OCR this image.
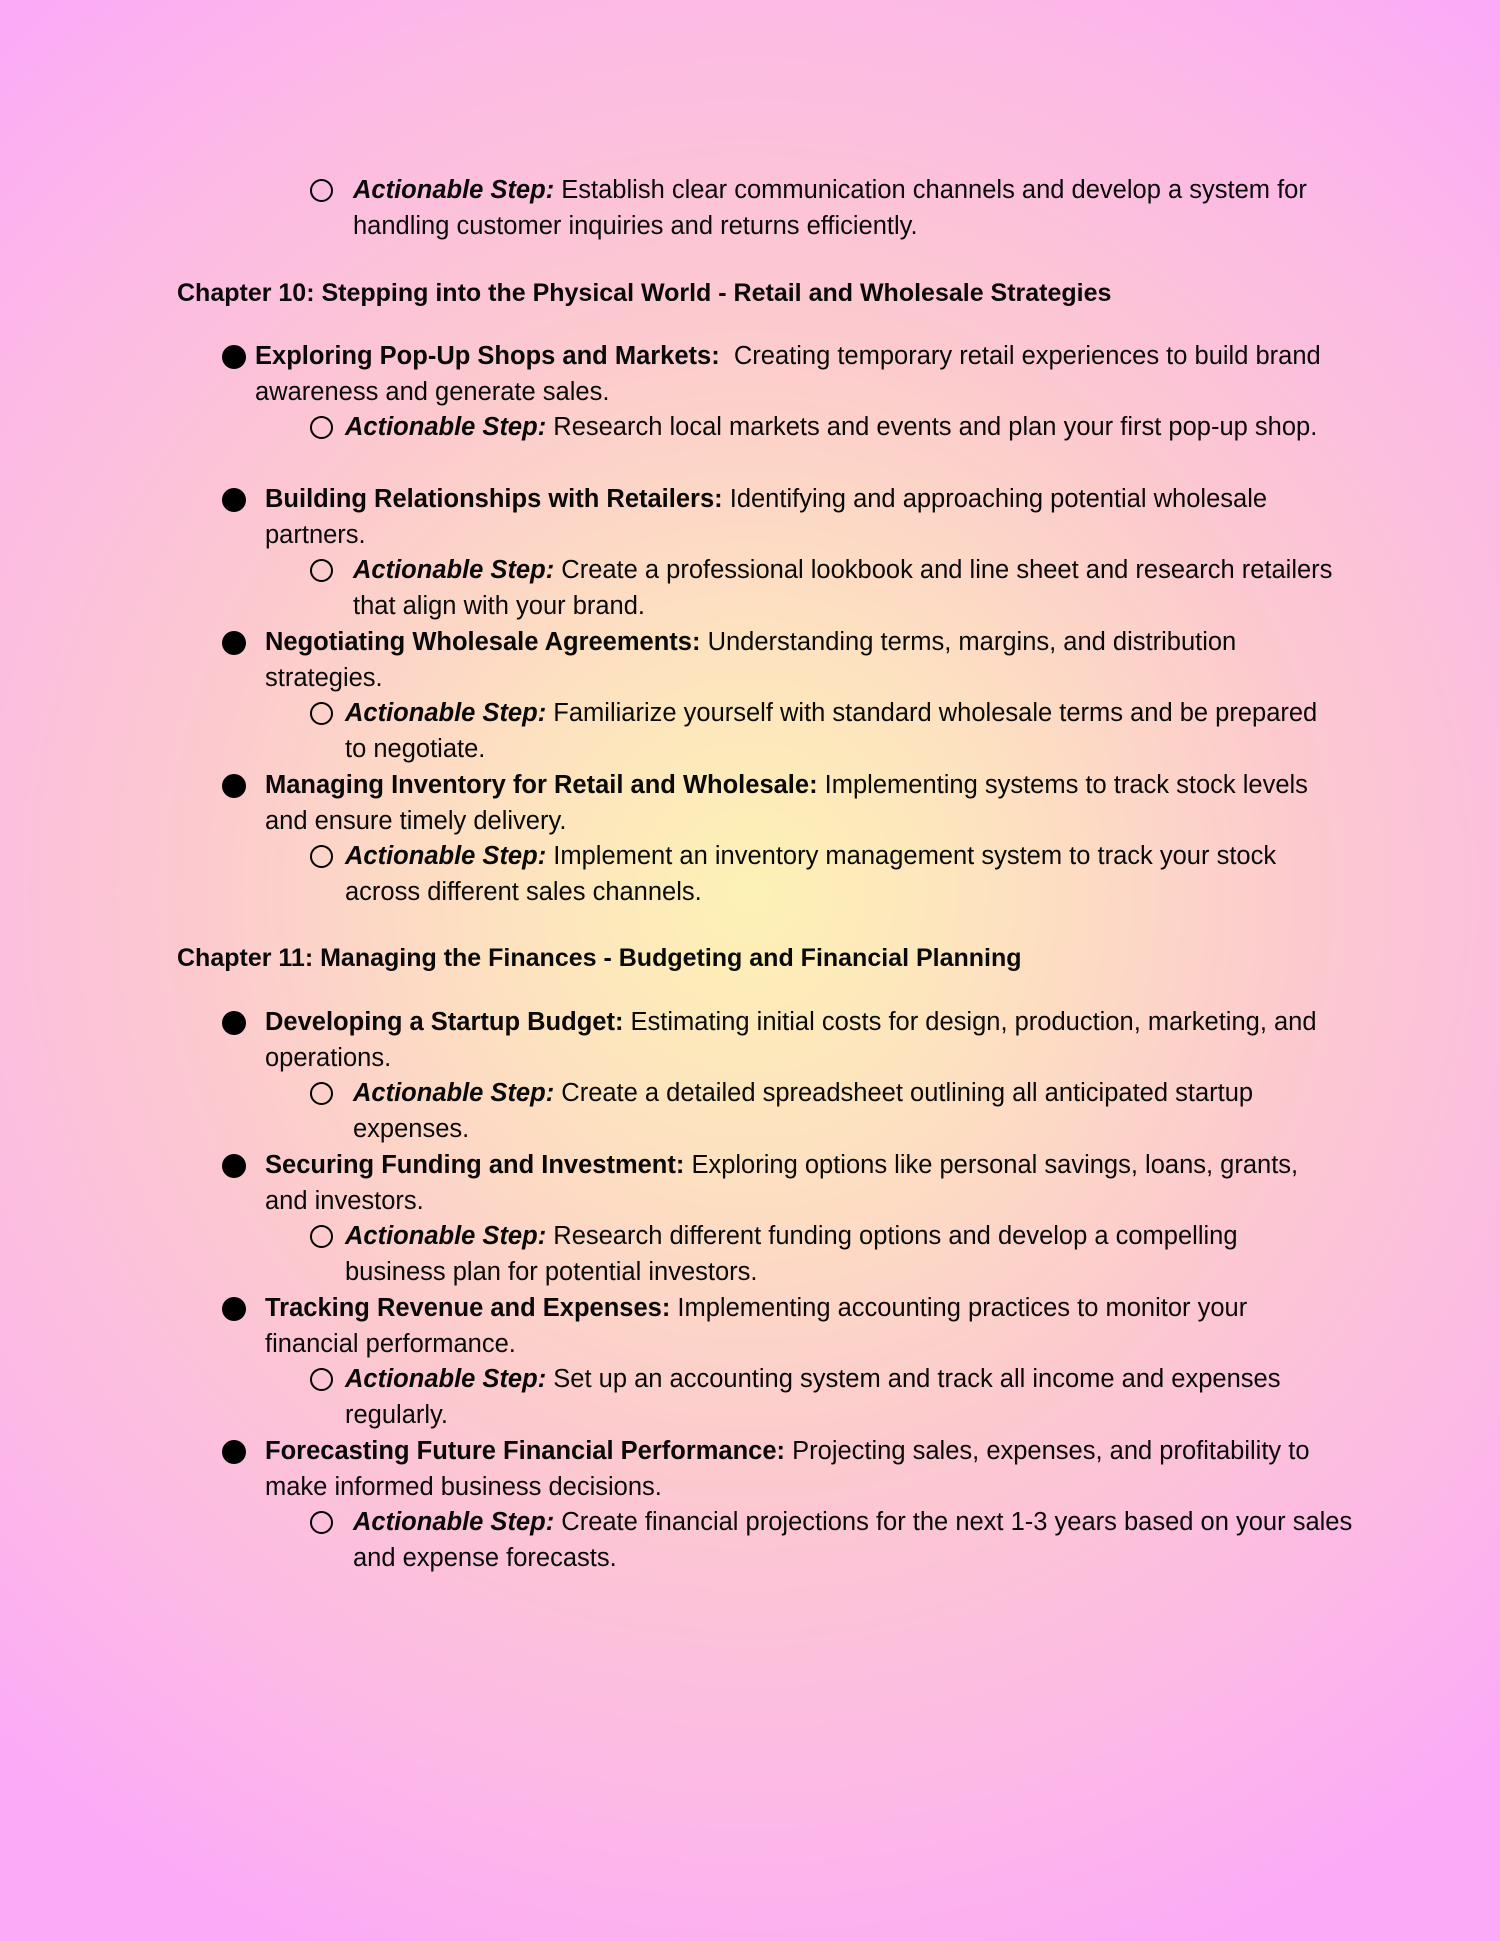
Actionable Step: Establish clear communication channels and develop a system for handling customer inquiries and returns efficiently.
Chapter 10: Stepping into the Physical World - Retail and Wholesale Strategies
Exploring Pop-Up Shops and Markets: Creating temporary retail experiences to build brand awareness and generate sales.
Actionable Step: Research local markets and events and plan your first pop-up shop.
Building Relationships with Retailers: Identifying and approaching potential wholesale partners.
Actionable Step: Create a professional lookbook and line sheet and research retailers that align with your brand.
Negotiating Wholesale Agreements: Understanding terms, margins, and distribution strategies.
Actionable Step: Familiarize yourself with standard wholesale terms and be prepared to negotiate.
Managing Inventory for Retail and Wholesale: Implementing systems to track stock levels and ensure timely delivery.
Actionable Step: Implement an inventory management system to track your stock across different sales channels.
Chapter 11: Managing the Finances - Budgeting and Financial Planning
Developing a Startup Budget: Estimating initial costs for design, production, marketing, and operations.
Actionable Step: Create a detailed spreadsheet outlining all anticipated startup expenses.
Securing Funding and Investment: Exploring options like personal savings, loans, grants, and investors.
Actionable Step: Research different funding options and develop a compelling business plan for potential investors.
Tracking Revenue and Expenses: Implementing accounting practices to monitor your financial performance.
Actionable Step: Set up an accounting system and track all income and expenses regularly.
Forecasting Future Financial Performance: Projecting sales, expenses, and profitability to make informed business decisions.
Actionable Step: Create financial projections for the next 1-3 years based on your sales and expense forecasts.
